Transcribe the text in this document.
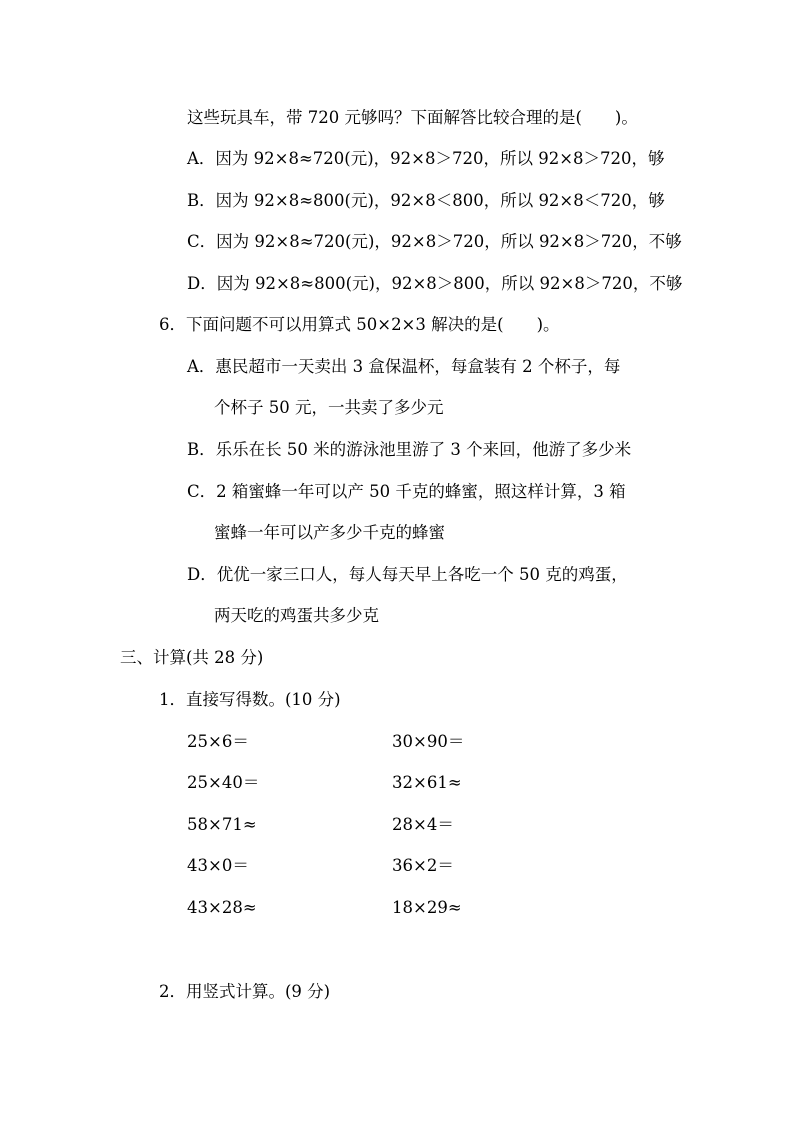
这些玩具车，带 720 元够吗？下面解答比较合理的是(　　)。
A．因为 92×8≈720(元)，92×8＞720，所以 92×8＞720，够
B．因为 92×8≈800(元)，92×8＜800，所以 92×8＜720，够
C．因为 92×8≈720(元)，92×8＞720，所以 92×8＞720，不够
D．因为 92×8≈800(元)，92×8＞800，所以 92×8＞720，不够
6．下面问题不可以用算式 50×2×3 解决的是(　　)。
A．惠民超市一天卖出 3 盒保温杯，每盒装有 2 个杯子，每
个杯子 50 元，一共卖了多少元
B．乐乐在长 50 米的游泳池里游了 3 个来回，他游了多少米
C．2 箱蜜蜂一年可以产 50 千克的蜂蜜，照这样计算，3 箱
蜜蜂一年可以产多少千克的蜂蜜
D．优优一家三口人，每人每天早上各吃一个 50 克的鸡蛋，
两天吃的鸡蛋共多少克
三、计算(共 28 分)
1．直接写得数。(10 分)
25×6＝
25×40＝
58×71≈
43×0＝
43×28≈
30×90＝
32×61≈
28×4＝
36×2＝
18×29≈
2．用竖式计算。(9 分)
